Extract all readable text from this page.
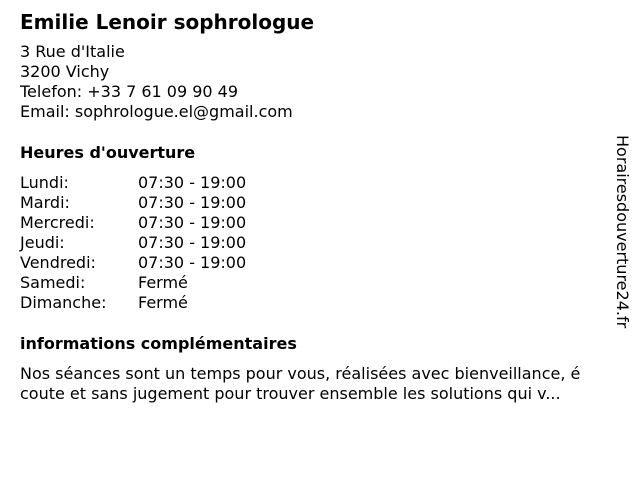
Emilie Lenoir sophrologue
3 Rue d'Italie
3200 Vichy
Telefon: +33 7 61 09 90 49
Email: sophrologue.el@gmail.com
Heures d'ouverture
Lundi:	07:30 - 19:00
Mardi:	07:30 - 19:00
Mercredi:	07:30 - 19:00
Jeudi:	07:30 - 19:00
Vendredi:	07:30 - 19:00
Samedi:	Fermé
Dimanche:	Fermé
informations complémentaires
Nos séances sont un temps pour vous, réalisées avec bienveillance, é
coute et sans jugement pour trouver ensemble les solutions qui v...
Horairesdouverture24.fr
